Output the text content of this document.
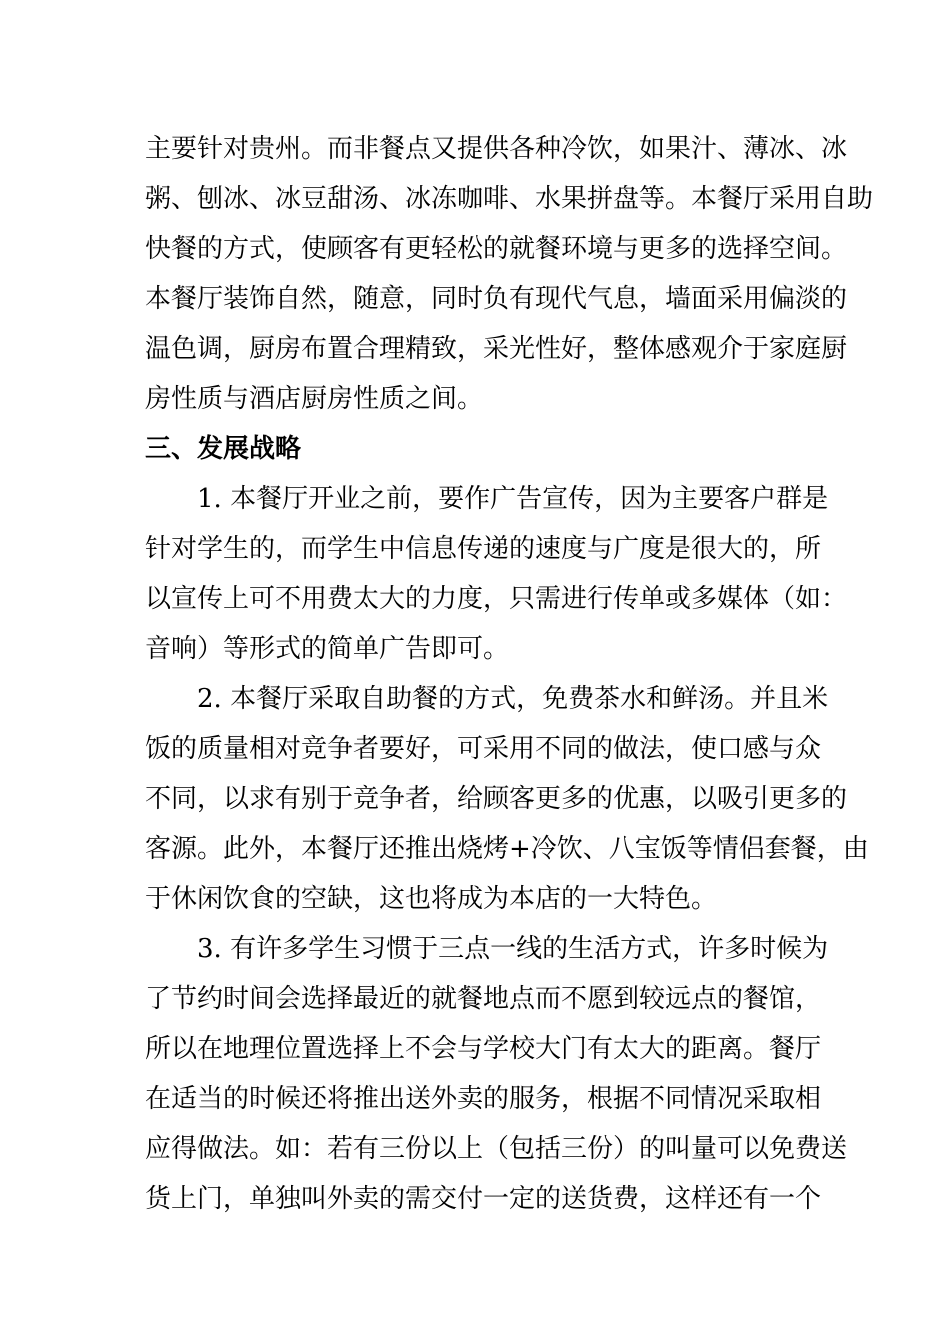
主要针对贵州。而非餐点又提供各种冷饮，如果汁、薄冰、冰
粥、刨冰、冰豆甜汤、冰冻咖啡、水果拼盘等。本餐厅采用自助
快餐的方式，使顾客有更轻松的就餐环境与更多的选择空间。
本餐厅装饰自然，随意，同时负有现代气息，墙面采用偏淡的
温色调，厨房布置合理精致，采光性好，整体感观介于家庭厨
房性质与酒店厨房性质之间。
三、发展战略
1. 本餐厅开业之前，要作广告宣传，因为主要客户群是
针对学生的，而学生中信息传递的速度与广度是很大的，所
以宣传上可不用费太大的力度，只需进行传单或多媒体（如：
音响）等形式的简单广告即可。
2. 本餐厅采取自助餐的方式，免费茶水和鲜汤。并且米
饭的质量相对竞争者要好，可采用不同的做法，使口感与众
不同，以求有别于竞争者，给顾客更多的优惠，以吸引更多的
客源。此外，本餐厅还推出烧烤+冷饮、八宝饭等情侣套餐，由
于休闲饮食的空缺，这也将成为本店的一大特色。
3. 有许多学生习惯于三点一线的生活方式，许多时候为
了节约时间会选择最近的就餐地点而不愿到较远点的餐馆，
所以在地理位置选择上不会与学校大门有太大的距离。餐厅
在适当的时候还将推出送外卖的服务，根据不同情况采取相
应得做法。如：若有三份以上（包括三份）的叫量可以免费送
货上门，单独叫外卖的需交付一定的送货费，这样还有一个
